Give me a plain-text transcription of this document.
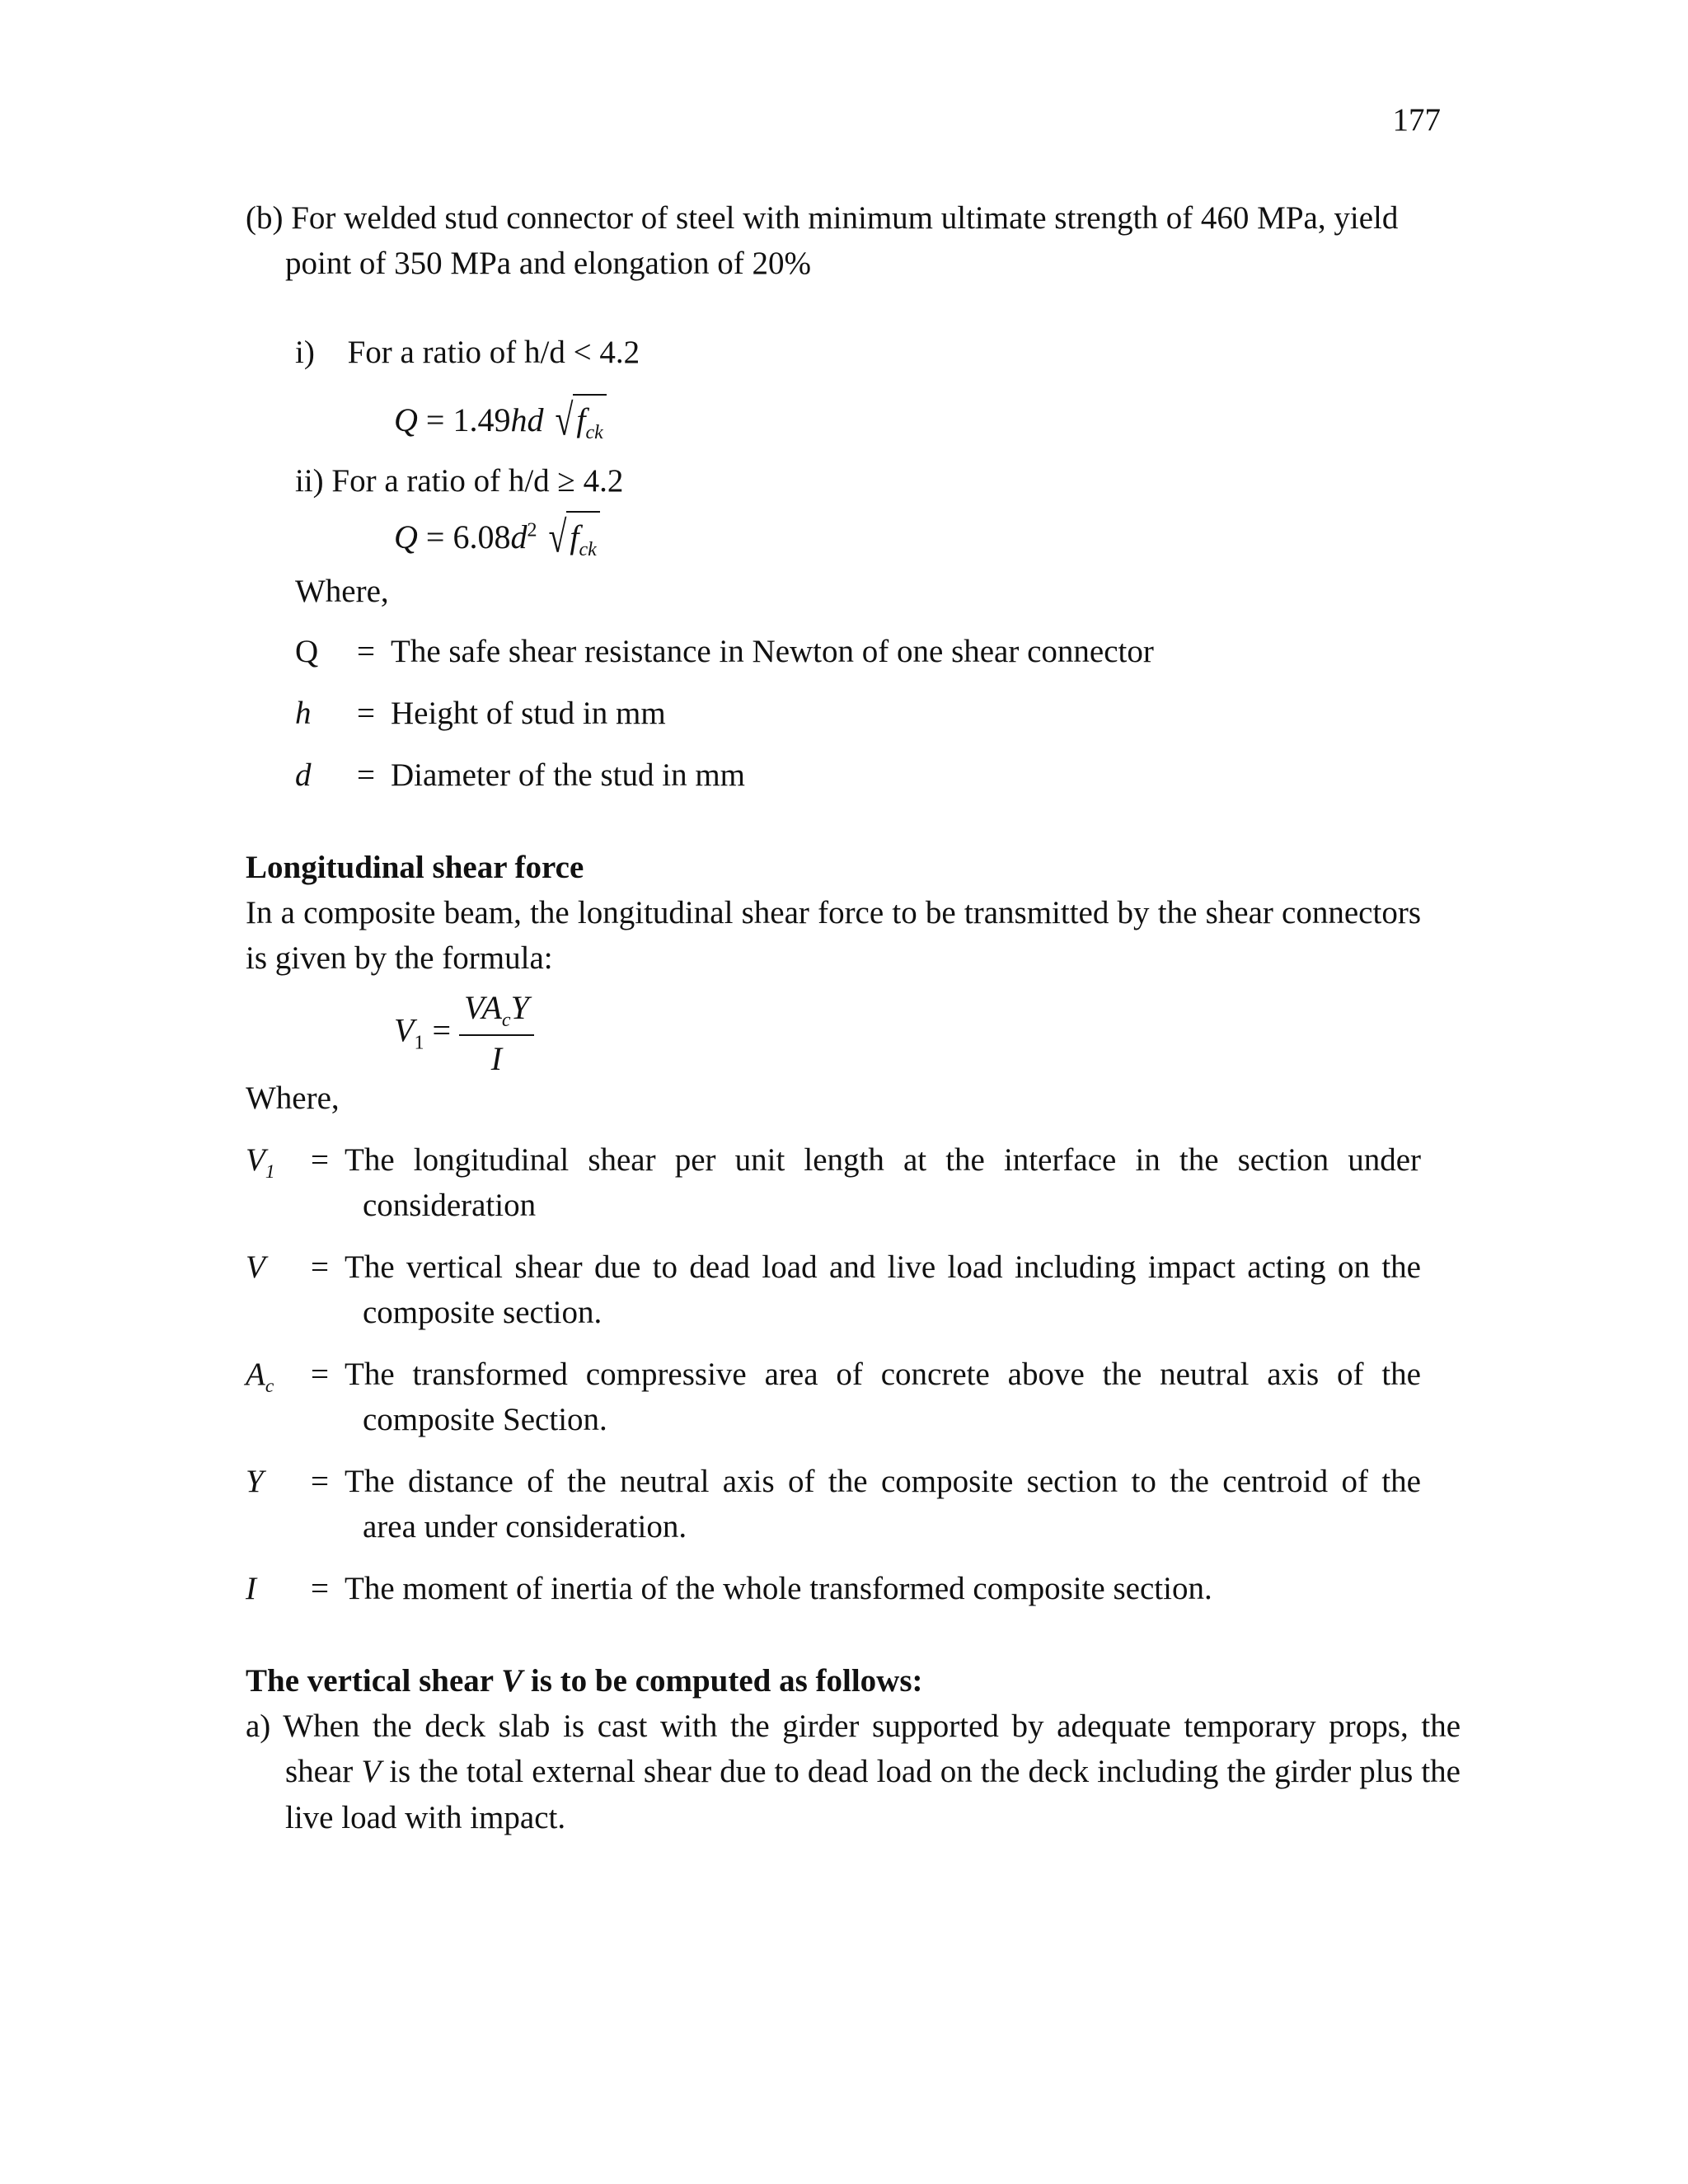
177
(b) For welded stud connector of steel with minimum ultimate strength of 460 MPa, yield point of 350 MPa and elongation of 20%
i) For a ratio of h/d < 4.2
Q = 1.49hd √ $f_{ck}$
ii) For a ratio of h/d ≥ 4.2
$Q = 6.08d^2$ √ $f_{ck}$
Where,
Q	=	The safe shear resistance in Newton of one shear connector
h	=	Height of stud in mm
d	=	Diameter of the stud in mm
Longitudinal shear force
In a composite beam, the longitudinal shear force to be transmitted by the shear connectors is given by the formula:
$V_1 = \frac{VA_cY}{I}$
Where,
$V_1$	= The longitudinal shear per unit length at the interface in the section under
consideration
V	= The vertical shear due to dead load and live load including impact acting on the
composite section.
$A_c$	= The transformed compressive area of concrete above the neutral axis of the
composite Section.
Y	= The distance of the neutral axis of the composite section to the centroid of the
area under consideration.
I	= The moment of inertia of the whole transformed composite section.
The vertical shear V is to be computed as follows:
a) When the deck slab is cast with the girder supported by adequate temporary props, the shear V is the total external shear due to dead load on the deck including the girder plus the live load with impact.
